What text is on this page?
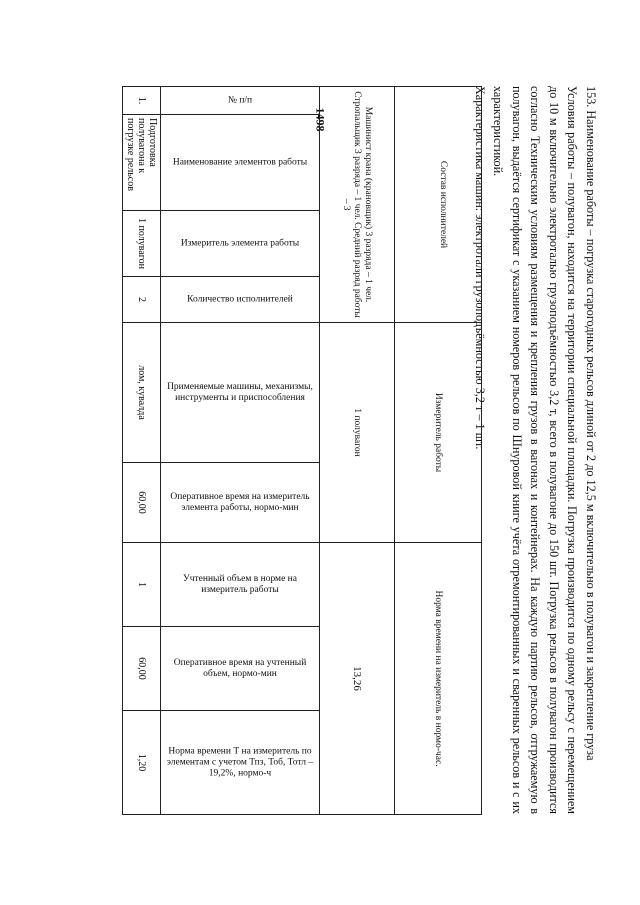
1498	153. Наименование работы – погрузка старогодных рельсов длиной от 2 до 12,5 м включительно в полувагон и закрепление груза

Условия работы – полувагон, находится на территории специальной площадки. Погрузка производится по одному рельсу с перемещением до 10 м включительно электроталью грузоподъёмностью 3,2 т, всего в полувагоне до 150 шт. Погрузка рельсов в полувагон производится согласно Техническим условиям размещения и крепления грузов в вагонах и контейнерах. На каждую партию рельсов, отгружаемую в полувагон, выдаётся сертификат с указанием номеров рельсов по Шнуровой книге учёта отремонтированных и сваренных рельсов и с их характеристикой.

Характеристика машин: электротали грузоподъёмностью 3,2 т – 1 шт.

Состав исполнителей				Измеритель работы		Норма времени на измеритель в нормо-час.		

Машинист крана (крановщик) 3 разряда – 1 чел. Стропальщик 3 разряда – 1 чел. Средний разряд работы – 3				1 полувагон		13,26		

№ п/п	Наименование элементов работы	Измеритель элемента работы	Количество исполнителей	Применяемые машины, механизмы, инструменты и приспособления	Оперативное время на измеритель элемента работы, нормо-мин	Учтенный объем в норме на измеритель работы	Оперативное время на учтенный объем, нормо-мин	Норма времени Т на измеритель по элементам с учетом Тпз, Тоб, Тотл – 19,2%, нормо-ч

1.	Подготовка полувагона к погрузке рельсов	1 полувагон	2	лом, кувалда	60,00	1	60,00	1,20
